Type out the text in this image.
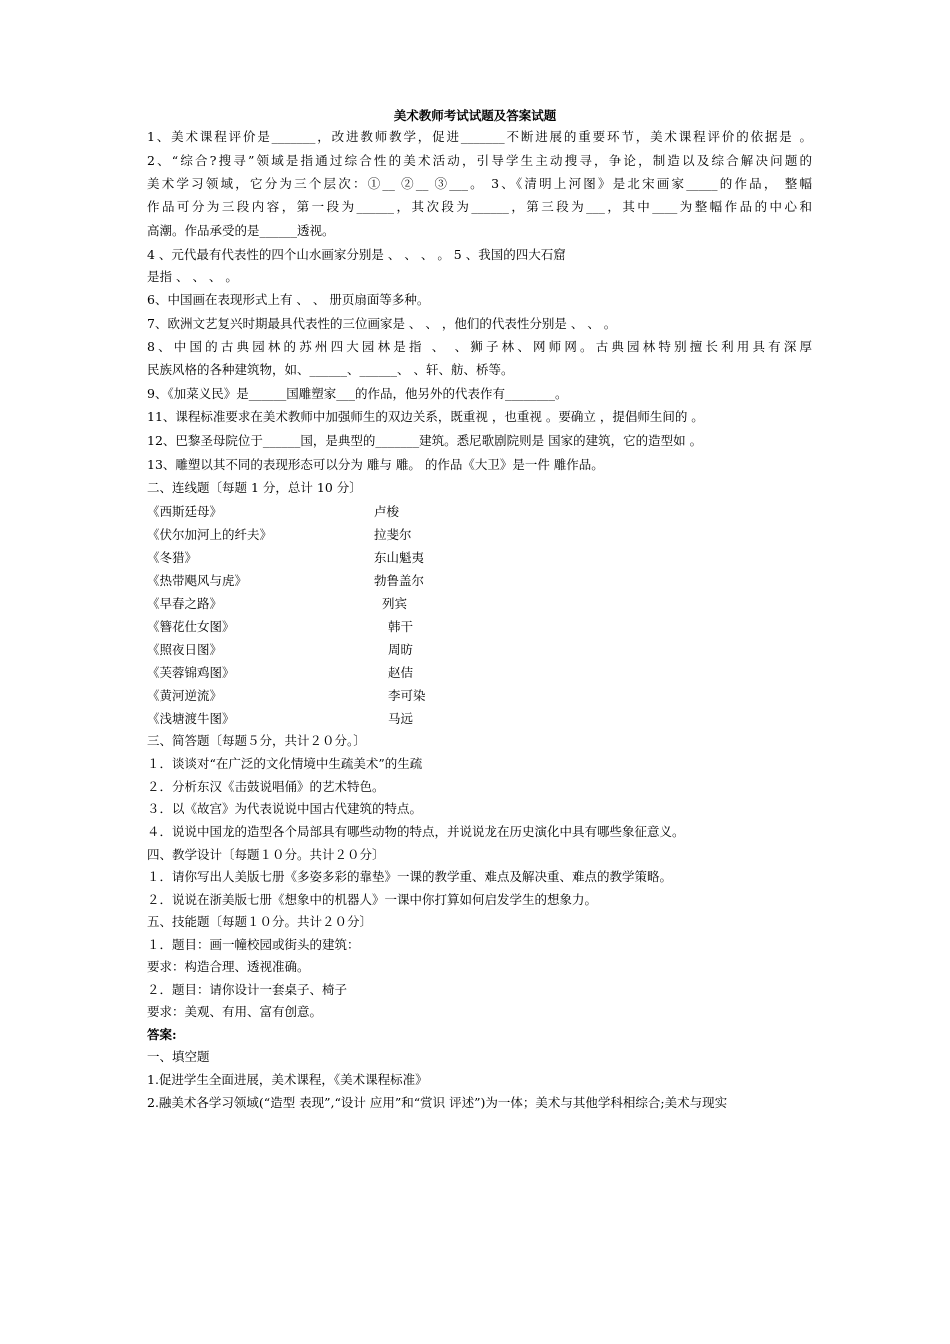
美术教师考试试题及答案试题
1、美术课程评价是_______，改进教师教学，促进_______不断进展的重要环节，美术课程评价的依据是 。
2、“综合?搜寻”领域是指通过综合性的美术活动，引导学生主动搜寻，争论，制造以及综合解决问题的
美术学习领域，它分为三个层次：①__ ②__ ③___。 3、《清明上河图》是北宋画家_____的作品， 整幅
作品可分为三段内容，第一段为______，其次段为______，第三段为___，其中____为整幅作品的中心和
高潮。作品承受的是______透视。
4 、元代最有代表性的四个山水画家分别是 、 、 、 。 5 、我国的四大石窟
是指 、 、 、 。
6、中国画在表现形式上有 、 、 册页扇面等多种。
7、欧洲文艺复兴时期最具代表性的三位画家是 、 、 ，他们的代表性分别是 、 、 。
8、中国的古典园林的苏州四大园林是指 、 、狮子林、网师网。古典园林特别擅长利用具有深厚
民族风格的各种建筑物，如、______、______、 、轩、舫、桥等。
9、《加菜义民》是______国雕塑家___的作品，他另外的代表作有________。
11、课程标准要求在美术教师中加强师生的双边关系，既重视 ，也重视 。要确立 ，提倡师生间的 。
12、巴黎圣母院位于______国，是典型的_______建筑。悉尼歌剧院则是 国家的建筑，它的造型如 。
13、雕塑以其不同的表现形态可以分为 雕与 雕。 的作品《大卫》是一件 雕作品。
二、连线题〔每题 1 分，总计 10 分〕
《西斯廷母》	卢梭
《伏尔加河上的纤夫》	拉斐尔
《冬猎》	东山魁夷
《热带飓风与虎》	勃鲁盖尔
《早春之路》	列宾
《簪花仕女图》	韩干
《照夜日图》	周昉
《芙蓉锦鸡图》	赵佶
《黄河逆流》	李可染
《浅塘渡牛图》	马远
三、简答题〔每题５分，共计２０分。〕
１．谈谈对“在广泛的文化情境中生疏美术”的生疏
２．分析东汉《击鼓说唱俑》的艺术特色。
３．以《故宫》为代表说说中国古代建筑的特点。
４．说说中国龙的造型各个局部具有哪些动物的特点，并说说龙在历史演化中具有哪些象征意义。
四、教学设计〔每题１０分。共计２０分〕
１．请你写出人美版七册《多姿多彩的靠垫》一课的教学重、难点及解决重、难点的教学策略。
２．说说在浙美版七册《想象中的机器人》一课中你打算如何启发学生的想象力。
五、技能题〔每题１０分。共计２０分〕
１．题目：画一幢校园或街头的建筑：
要求：构造合理、透视准确。
２．题目：请你设计一套桌子、椅子
要求：美观、有用、富有创意。
答案:
一、填空题
1.促进学生全面进展，美术课程，《美术课程标准》
2.融美术各学习领域(“造型 表现”,“设计 应用”和“赏识 评述”)为一体；美术与其他学科相综合;美术与现实
